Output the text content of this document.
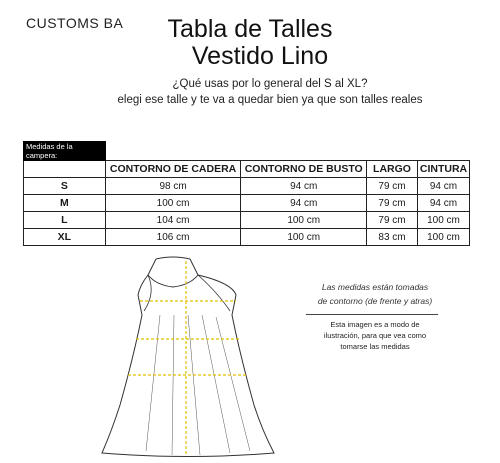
CUSTOMS BA	Tabla de Talles
Vestido Lino
¿Qué usas por lo general del S al XL?
elegi ese talle y te va a quedar bien ya que son talles reales
Medidas de la campera:				
	CONTORNO DE CADERA	CONTORNO DE BUSTO	LARGO	CINTURA
S	98 cm	94 cm	79 cm	94 cm
M	100 cm	94 cm	79 cm	94 cm
L	104 cm	100 cm	79 cm	100 cm
XL	106 cm	100 cm	83 cm	100 cm
Las medidas están tomadas
de contorno (de frente y atras)
Esta imagen es a modo de
ilustración, para que vea como
tomarse las medidas
